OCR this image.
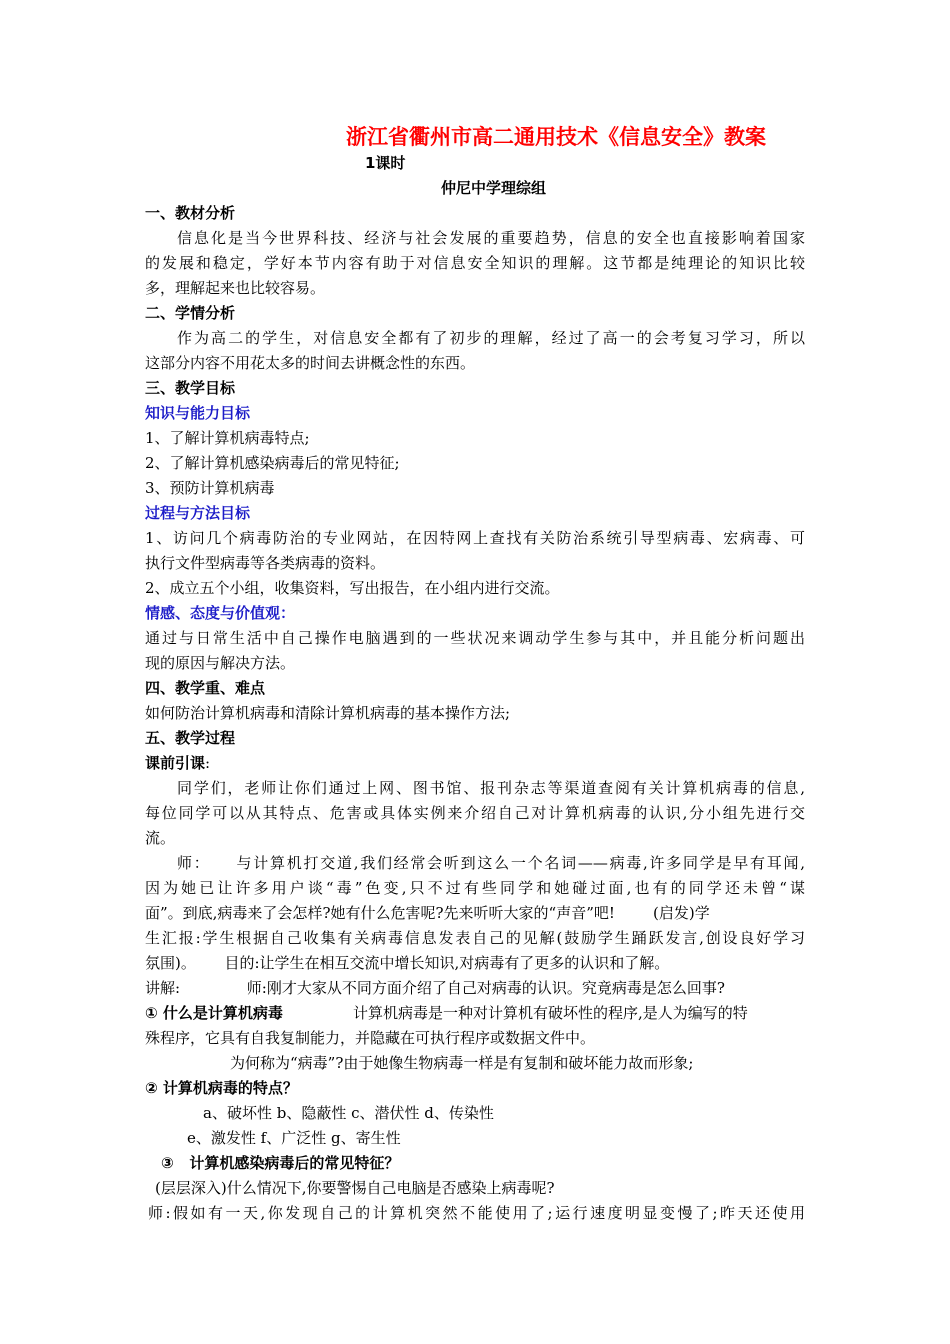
浙江省衢州市高二通用技术《信息安全》教案
1课时
仲尼中学理综组
一、教材分析
信息化是当今世界科技、经济与社会发展的重要趋势，信息的安全也直接影响着国家
的发展和稳定，学好本节内容有助于对信息安全知识的理解。这节都是纯理论的知识比较
多，理解起来也比较容易。
二、学情分析
作为高二的学生，对信息安全都有了初步的理解，经过了高一的会考复习学习，所以
这部分内容不用花太多的时间去讲概念性的东西。
三、教学目标
知识与能力目标
1、了解计算机病毒特点;
2、了解计算机感染病毒后的常见特征;
3、预防计算机病毒
过程与方法目标
1、访问几个病毒防治的专业网站，在因特网上查找有关防治系统引导型病毒、宏病毒、可
执行文件型病毒等各类病毒的资料。
2、成立五个小组，收集资料，写出报告，在小组内进行交流。
情感、态度与价值观：
通过与日常生活中自己操作电脑遇到的一些状况来调动学生参与其中，并且能分析问题出
现的原因与解决方法。
四、教学重、难点
如何防治计算机病毒和清除计算机病毒的基本操作方法;
五、教学过程
课前引课:
同学们，老师让你们通过上网、图书馆、报刊杂志等渠道查阅有关计算机病毒的信息,
每位同学可以从其特点、危害或具体实例来介绍自己对计算机病毒的认识,分小组先进行交
流。
师：    与计算机打交道,我们经常会听到这么一个名词——病毒,许多同学是早有耳闻,
因为她已让许多用户谈“毒”色变,只不过有些同学和她碰过面,也有的同学还未曾“谋
面”。到底,病毒来了会怎样?她有什么危害呢?先来听听大家的“声音”吧!        (启发)学
生汇报:学生根据自己收集有关病毒信息发表自己的见解(鼓励学生踊跃发言,创设良好学习
氛围)。      目的:让学生在相互交流中增长知识,对病毒有了更多的认识和了解。
讲解:              师:刚才大家从不同方面介绍了自己对病毒的认识。究竟病毒是怎么回事?
① 什么是计算机病毒	计算机病毒是一种对计算机有破坏性的程序,是人为编写的特
殊程序，它具有自我复制能力，并隐藏在可执行程序或数据文件中。
为何称为“病毒”?由于她像生物病毒一样是有复制和破坏能力故而形象;
② 计算机病毒的特点？
a、破坏性 b、隐蔽性 c、潜伏性 d、传染性
e、激发性 f、广泛性 g、寄生性
③   计算机感染病毒后的常见特征？
(层层深入)什么情况下,你要警惕自己电脑是否感染上病毒呢?
师:假如有一天,你发现自己的计算机突然不能使用了;运行速度明显变慢了;昨天还使用
